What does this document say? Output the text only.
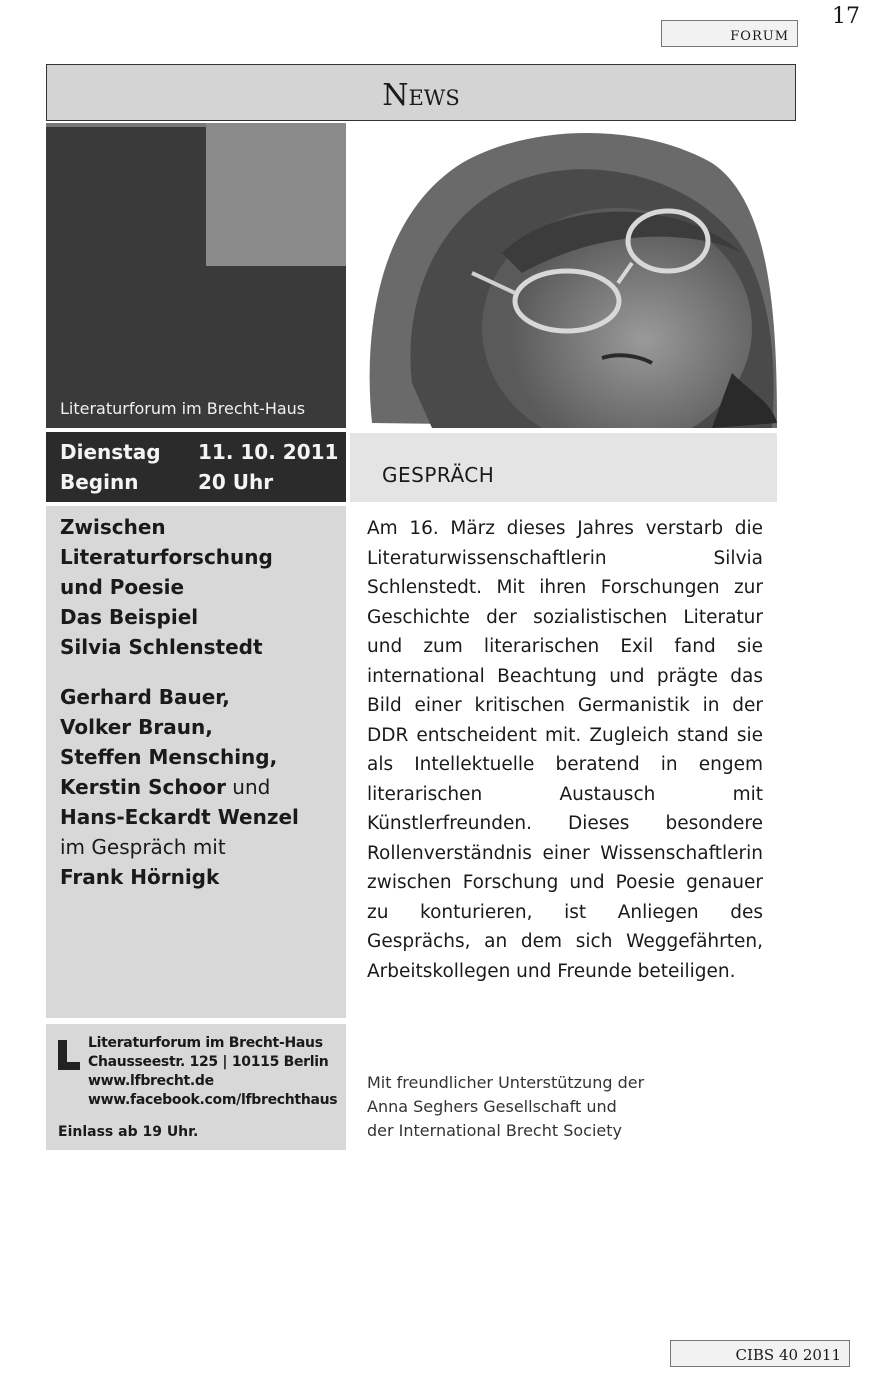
FORUM
17
News
Literaturforum im Brecht-Haus
Dienstag 11. 10. 2011
Beginn	20 Uhr
Zwischen
Literaturforschung
und Poesie
Das Beispiel
Silvia Schlenstedt
Gerhard Bauer,
Volker Braun,
Steffen Mensching,
Kerstin Schoor und
Hans-Eckardt Wenzel
im Gespräch mit
Frank Hörnigk
Literaturforum im Brecht-Haus
Chausseestr. 125 | 10115 Berlin
www.lfbrecht.de
www.facebook.com/lfbrechthaus
Einlass ab 19 Uhr.
GESPRÄCH

Am 16. März dieses Jahres verstarb die Literaturwissenschaftlerin Silvia Schlenstedt. Mit ihren Forschungen zur Geschichte der sozialistischen Literatur und zum literarischen Exil fand sie international Beachtung und prägte das Bild einer kritischen Germanistik in der DDR entscheident mit. Zugleich stand sie als Intellektuelle beratend in engem literarischen Austausch mit Künstlerfreunden. Dieses besondere Rollenverständnis einer Wissenschaftlerin zwischen Forschung und Poesie genauer zu konturieren, ist Anliegen des Gesprächs, an dem sich Weggefährten, Arbeitskollegen und Freunde beteiligen.

Mit freundlicher Unterstützung der
Anna Seghers Gesellschaft und
der International Brecht Society
CIBS 40 2011
